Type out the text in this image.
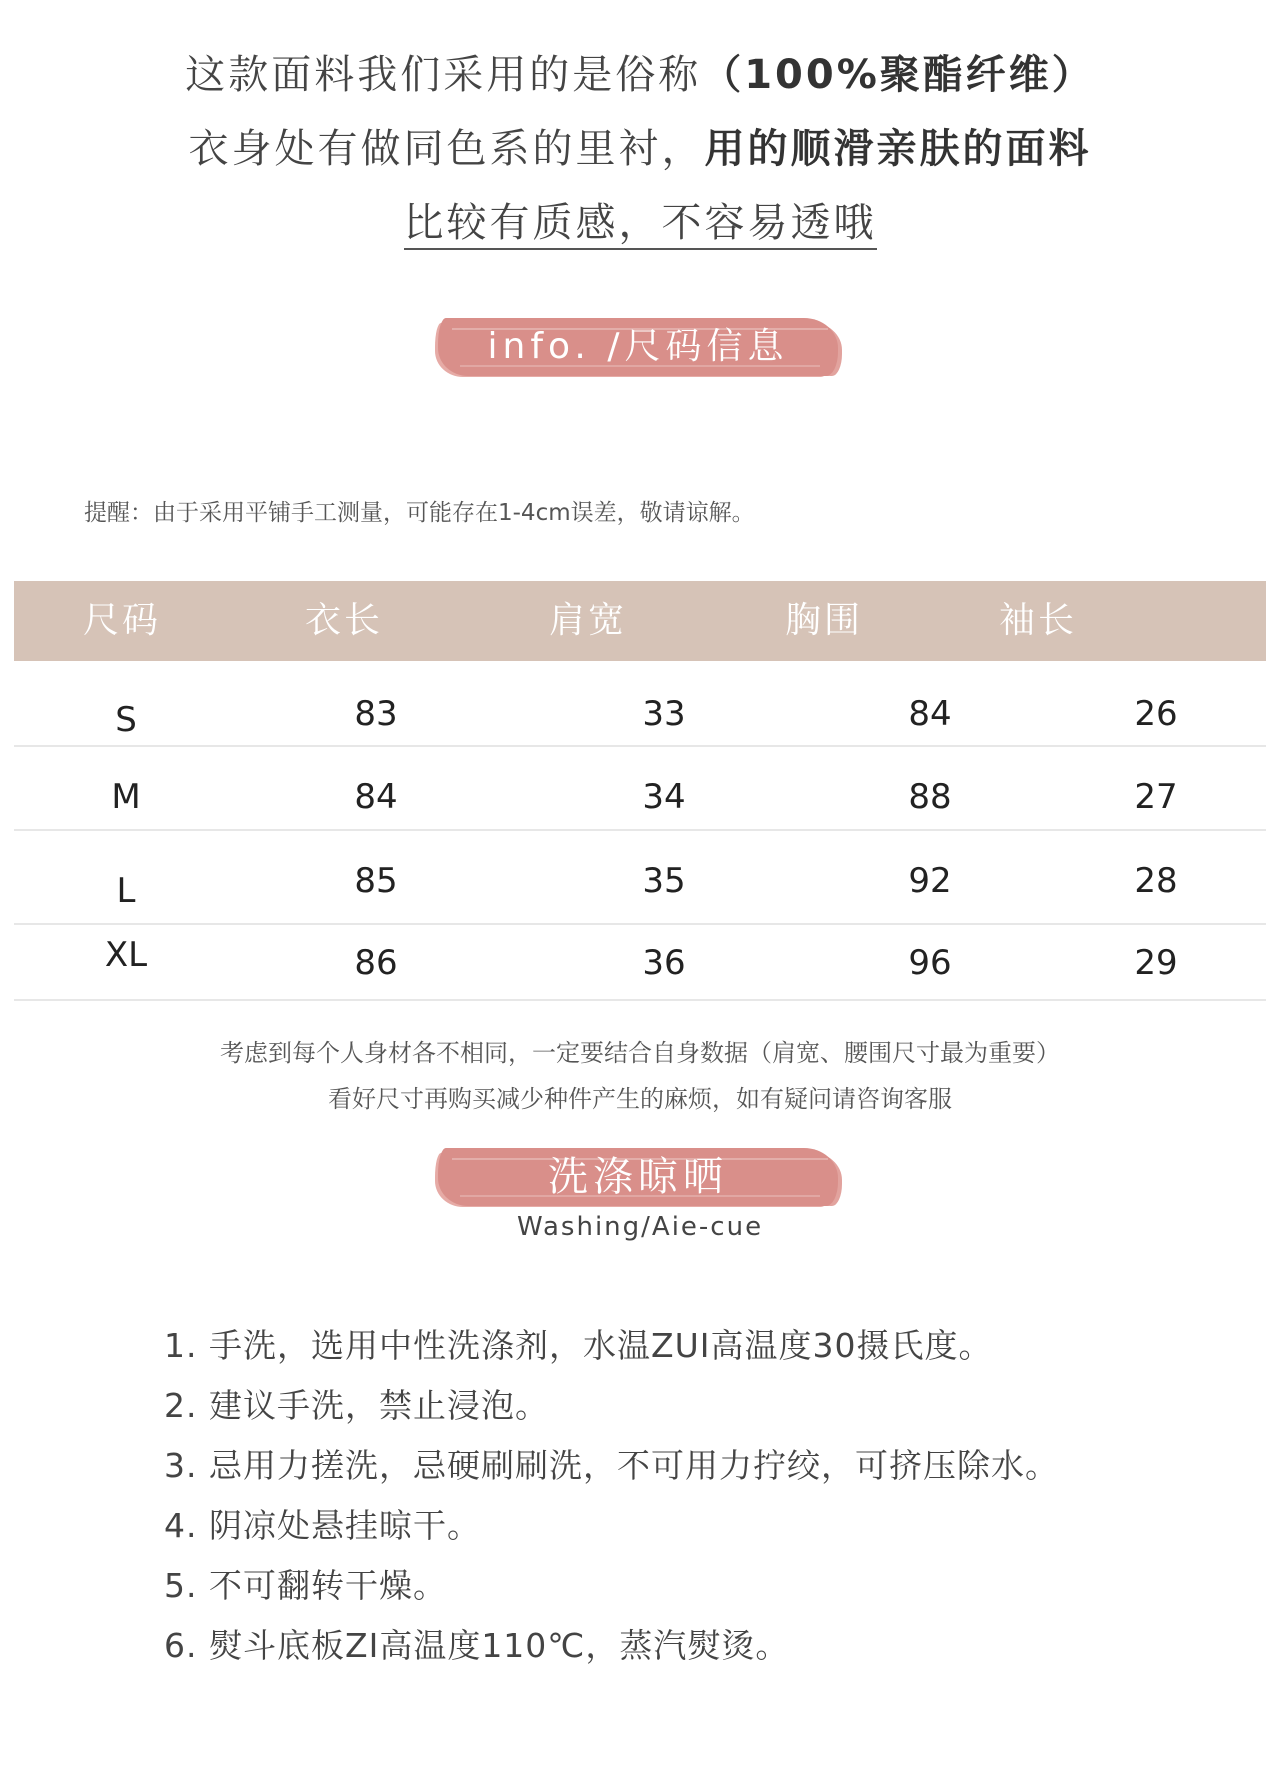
这款面料我们采用的是俗称（100%聚酯纤维）
衣身处有做同色系的里衬，用的顺滑亲肤的面料
比较有质感，不容易透哦
info. /尺码信息
提醒：由于采用平铺手工测量，可能存在1-4cm误差，敬请谅解。
尺码	衣长	肩宽	胸围	袖长
S	83	33	84	26
M	84	34	88	27
L	85	35	92	28
XL	86	36	96	29
考虑到每个人身材各不相同，一定要结合自身数据（肩宽、腰围尺寸最为重要）
看好尺寸再购买减少种件产生的麻烦，如有疑问请咨询客服
洗涤晾晒
Washing/Aie-cue
1. 手洗，选用中性洗涤剂，水温ZUI高温度30摄氏度。
2. 建议手洗，禁止浸泡。
3. 忌用力搓洗，忌硬刷刷洗，不可用力拧绞，可挤压除水。
4. 阴凉处悬挂晾干。
5. 不可翻转干燥。
6. 熨斗底板ZI高温度110℃，蒸汽熨烫。
